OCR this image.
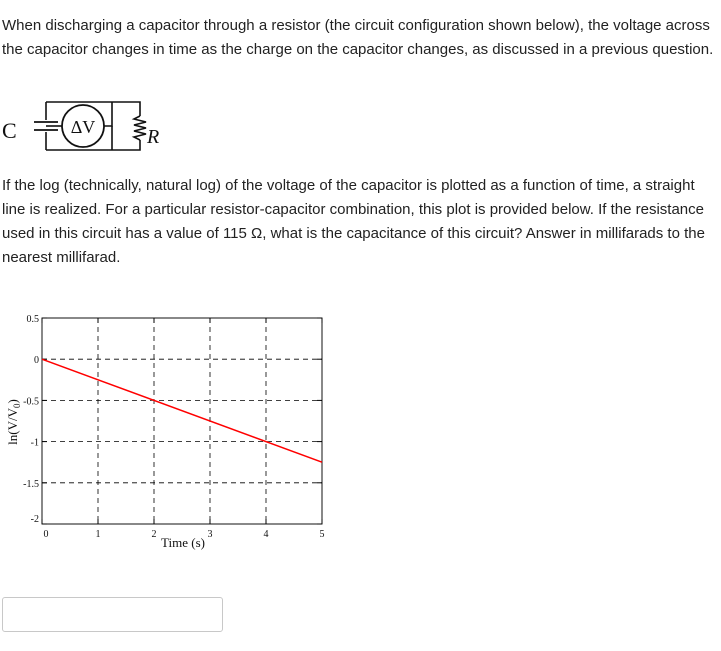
When discharging a capacitor through a resistor (the circuit configuration shown below), the voltage across the capacitor changes in time as the charge on the capacitor changes, as discussed in a previous question.

C	ΔV	R

If the log (technically, natural log) of the voltage of the capacitor is plotted as a function of time, a straight line is realized. For a particular resistor-capacitor combination, this plot is provided below. If the resistance used in this circuit has a value of 115 Ω, what is the capacitance of this circuit? Answer in millifarads to the nearest millifarad.

0.5
0
-0.5
-1
-1.5
-2
0	1	2	3	4	5
Time (s)
$\ln(V/V_0)$
